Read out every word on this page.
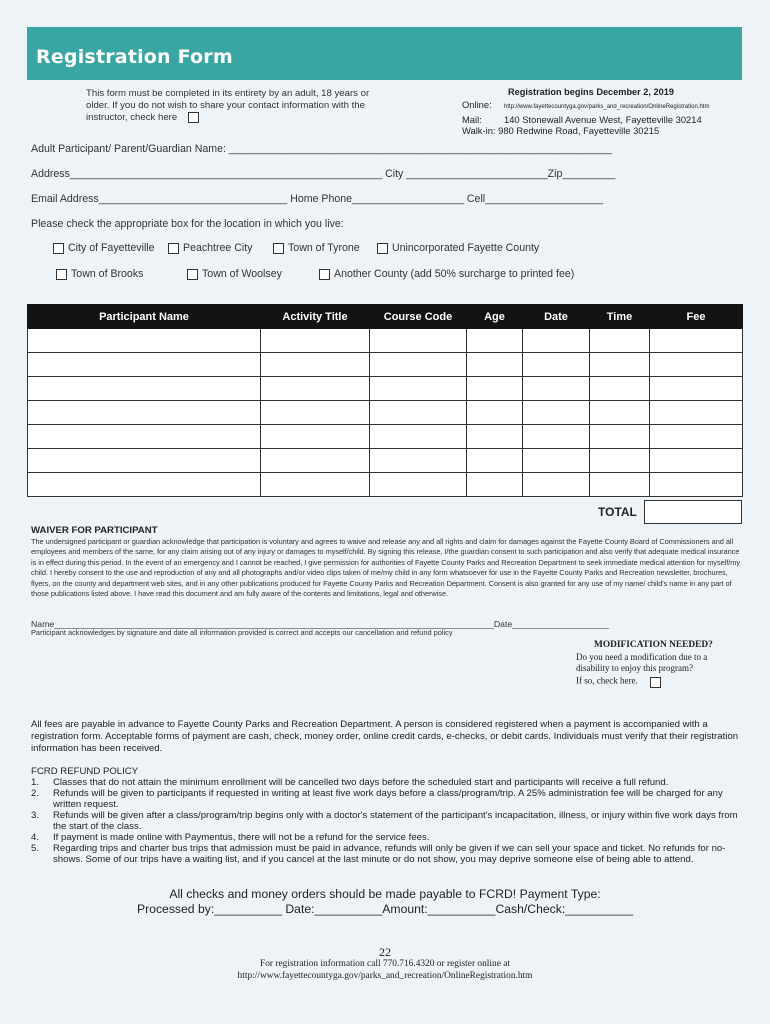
Registration Form
This form must be completed in its entirety by an adult, 18 years or older. If you do not wish to share your contact information with the instructor, check here
Registration begins December 2, 2019
Online: http://www.fayettecountyga.gov/parks_and_recreation/OnlineRegistration.htm
Mail: 140 Stonewall Avenue West, Fayetteville 30214
Walk-in: 980 Redwine Road, Fayetteville 30215
Adult Participant/ Parent/Guardian Name: _________________________________________________________________
Address_____________________________________________________ City ________________________Zip_________
Email Address________________________________ Home Phone___________________ Cell____________________
Please check the appropriate box for the location in which you live:
City of Fayetteville	Peachtree City	Town of Tyrone	Unincorporated Fayette County
Town of Brooks	Town of Woolsey	Another County (add 50% surcharge to printed fee)
Participant Name	Activity Title	Course Code	Age	Date	Time	Fee

TOTAL
WAIVER FOR PARTICIPANT
The undersigned participant or guardian acknowledge that participation is voluntary and agrees to waive and release any and all rights and claim for damages against the Fayette County Board of Commissioners and all employees and members of the same, for any claim arising out of any injury or damages to myself/child. By signing this release, I/the guardian consent to such participation and also verify that adequate medical insurance is in effect during this period. In the event of an emergency and I cannot be reached, I give permission for authorities of Fayette County Parks and Recreation Department to seek immediate medical attention for myself/my child. I hereby consent to the use and reproduction of any and all photographs and/or video clips taken of me/my child in any form whatsoever for use in the Fayette County Parks and Recreation newsletter, brochures, flyers, on the county and department web sites, and in any other publications produced for Fayette County Parks and Recreation Department. Consent is also granted for any use of my name/ child's name in any part of those publications listed above. I have read this document and am fully aware of the contents and limitations, legal and otherwise.
Name___________________________________________________________________________________________Date____________________
Participant acknowledges by signature and date all information provided is correct and accepts our cancellation and refund policy
MODIFICATION NEEDED?
Do you need a modification due to a
disability to enjoy this program?
If so, check here.
All fees are payable in advance to Fayette County Parks and Recreation Department. A person is considered registered when a payment is accompanied with a registration form. Acceptable forms of payment are cash, check, money order, online credit cards, e-checks, or debit cards. Individuals must verify that their registration information has been received.
FCRD REFUND POLICY
1.	Classes that do not attain the minimum enrollment will be cancelled two days before the scheduled start and participants will receive a full refund.
2.	Refunds will be given to participants if requested in writing at least five work days before a class/program/trip. A 25% administration fee will be charged for any written request.
3.	Refunds will be given after a class/program/trip begins only with a doctor's statement of the participant's incapacitation, illness, or injury within five work days from the start of the class.
4.	If payment is made online with Paymentus, there will not be a refund for the service fees.
5.	Regarding trips and charter bus trips that admission must be paid in advance, refunds will only be given if we can sell your space and ticket. No refunds for no-shows. Some of our trips have a waiting list, and if you cancel at the last minute or do not show, you may deprive someone else of being able to attend.
All checks and money orders should be made payable to FCRD! Payment Type:
Processed by:__________ Date:__________Amount:__________Cash/Check:__________
22
For registration information call 770.716.4320 or register online at
http://www.fayettecountyga.gov/parks_and_recreation/OnlineRegistration.htm
